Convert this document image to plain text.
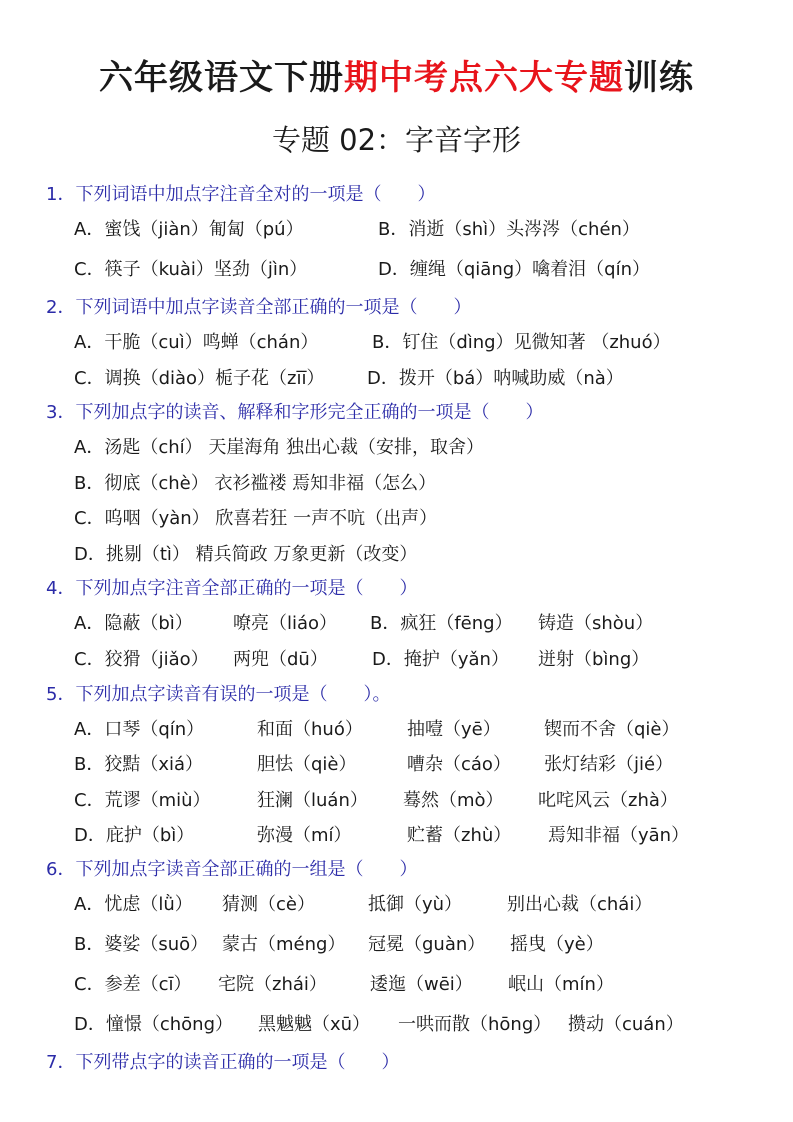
六年级语文下册期中考点六大专题训练
专题 02：字音字形
1．下列词语中加点字注音全对的一项是（　　）
A．蜜饯（jiàn）匍匐（pú）	B．消逝（shì）头涔涔（chén）
C．筷子（kuài）坚劲（jìn）	D．缠绳（qiāng）噙着泪（qín）
2．下列词语中加点字读音全部正确的一项是（　　）
A．干脆（cuì）鸣蝉（chán）	B．钉住（dìng）见微知著 （zhuó）
C．调换（diào）栀子花（zīī） D．拨开（bá）呐喊助威（nà）
3．下列加点字的读音、解释和字形完全正确的一项是（　　）
A．汤匙（chí） 天崖海角 独出心裁（安排，取舍）
B．彻底（chè） 衣衫褴褛 焉知非福（怎么）
C．呜咽（yàn） 欣喜若狂 一声不吭（出声）
D．挑剔（tì） 精兵简政 万象更新（改变）
4．下列加点字注音全部正确的一项是（　　）
A．隐蔽（bì） 嘹亮（liáo） B．疯狂（fēng） 铸造（shòu）
C．狡猾（jiǎo） 两兜（dū） D．掩护（yǎn） 迸射（bìng）
5．下列加点字读音有误的一项是（　　）。
A．口琴（qín）	和面（huó） 抽噎（yē） 锲而不舍（qiè）
B．狡黠（xiá）	胆怯（qiè）	嘈杂（cáo） 张灯结彩（jié）
C．荒谬（miù）	狂澜（luán） 蓦然（mò） 叱咤风云（zhà）
D．庇护（bì）	弥漫（mí）	贮蓄（zhù） 焉知非福（yān）
6．下列加点字读音全部正确的一组是（　　）
A．忧虑（lǜ） 猜测（cè）	抵御（yù） 别出心裁（chái）
B．婆娑（suō） 蒙古（méng） 冠冕（guàn） 摇曳（yè）
C．参差（cī） 宅院（zhái） 逶迤（wēi） 岷山（mín）
D．憧憬（chōng） 黑魆魆（xū） 一哄而散（hōng） 攒动（cuán）
7．下列带点字的读音正确的一项是（　　）
